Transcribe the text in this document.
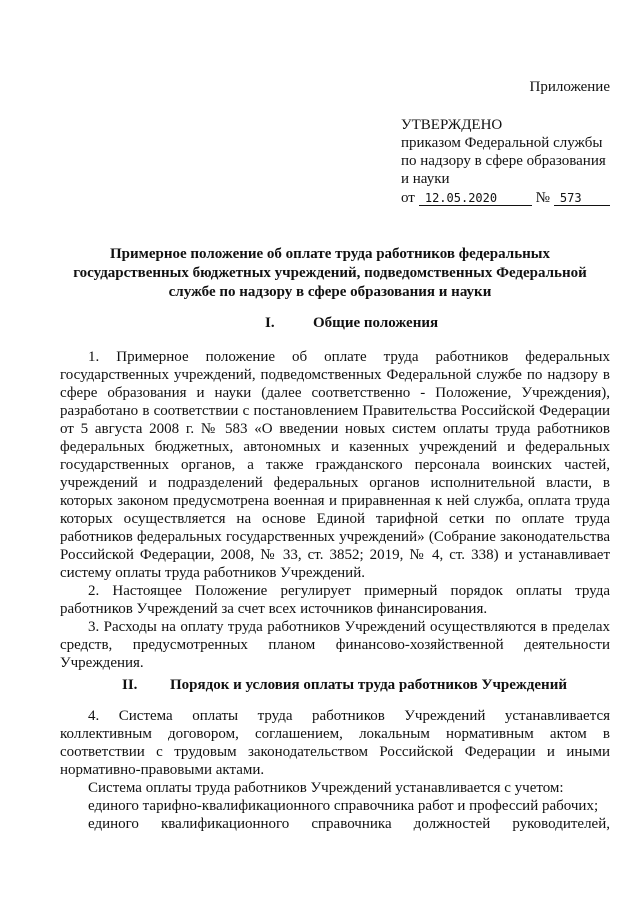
Приложение
УТВЕРЖДЕНО
приказом Федеральной службы
по надзору в сфере образования
и науки
от 12.05.2020	№ 573
Примерное положение об оплате труда работников федеральных государственных бюджетных учреждений, подведомственных Федеральной службе по надзору в сфере образования и науки
I.	Общие положения

1. Примерное положение об оплате труда работников федеральных государственных учреждений, подведомственных Федеральной службе по надзору в сфере образования и науки (далее соответственно - Положение, Учреждения), разработано в соответствии с постановлением Правительства Российской Федерации от 5 августа 2008 г. № 583 «О введении новых систем оплаты труда работников федеральных бюджетных, автономных и казенных учреждений и федеральных государственных органов, а также гражданского персонала воинских частей, учреждений и подразделений федеральных органов исполнительной власти, в которых законом предусмотрена военная и приравненная к ней служба, оплата труда которых осуществляется на основе Единой тарифной сетки по оплате труда работников федеральных государственных учреждений» (Собрание законодательства Российской Федерации, 2008, № 33, ст. 3852; 2019, № 4, ст. 338) и устанавливает систему оплаты труда работников Учреждений.

2. Настоящее Положение регулирует примерный порядок оплаты труда работников Учреждений за счет всех источников финансирования.

3. Расходы на оплату труда работников Учреждений осуществляются в пределах средств, предусмотренных планом финансово-хозяйственной деятельности Учреждения.

II. Порядок и условия оплаты труда работников Учреждений

4. Система оплаты труда работников Учреждений устанавливается коллективным договором, соглашением, локальным нормативным актом в соответствии с трудовым законодательством Российской Федерации и иными нормативно-правовыми актами.

Система оплаты труда работников Учреждений устанавливается с учетом:

единого тарифно-квалификационного справочника работ и профессий рабочих;

единого квалификационного справочника должностей руководителей,
